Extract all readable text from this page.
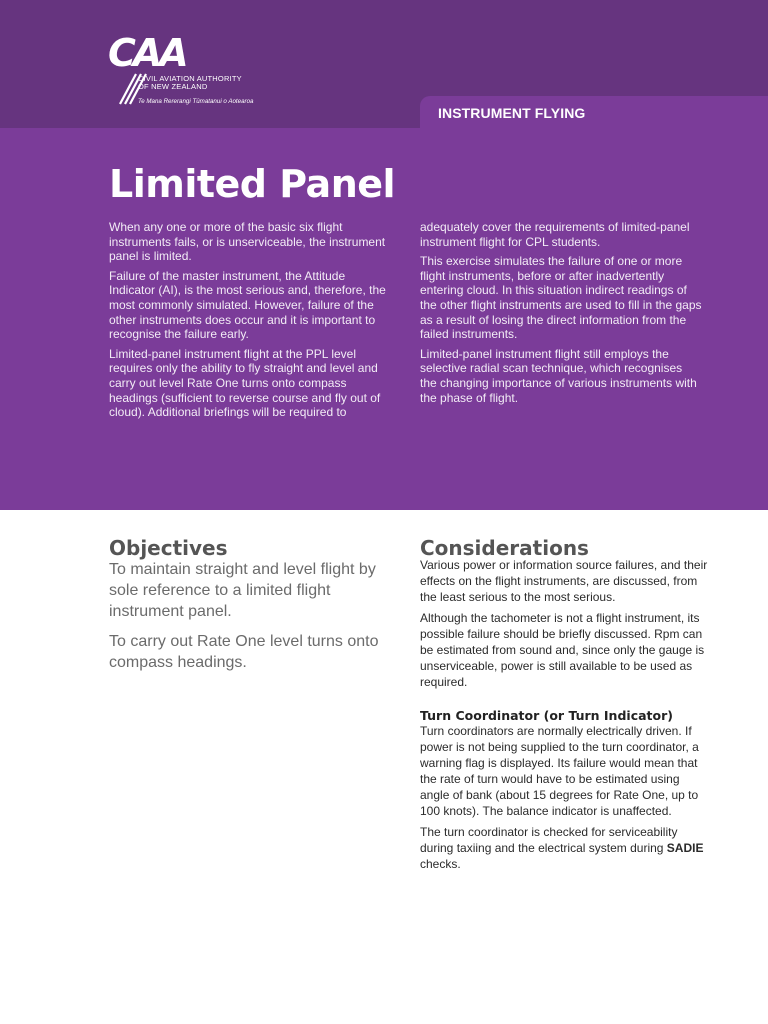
CAA
CIVIL AVIATION AUTHORITY
OF NEW ZEALAND
Te Mana Rererangi Tūmatanui o Aotearoa
INSTRUMENT FLYING
Limited Panel

When any one or more of the basic six flight instruments fails, or is unserviceable, the instrument panel is limited.

Failure of the master instrument, the Attitude Indicator (AI), is the most serious and, therefore, the most commonly simulated. However, failure of the other instruments does occur and it is important to recognise the failure early.

Limited-panel instrument flight at the PPL level requires only the ability to fly straight and level and carry out level Rate One turns onto compass headings (sufficient to reverse course and fly out of cloud). Additional briefings will be required to

adequately cover the requirements of limited-panel instrument flight for CPL students.

This exercise simulates the failure of one or more flight instruments, before or after inadvertently entering cloud. In this situation indirect readings of the other flight instruments are used to fill in the gaps as a result of losing the direct information from the failed instruments.

Limited-panel instrument flight still employs the selective radial scan technique, which recognises the changing importance of various instruments with the phase of flight.

Objectives

To maintain straight and level flight by sole reference to a limited flight instrument panel.

To carry out Rate One level turns onto compass headings.

Considerations

Various power or information source failures, and their effects on the flight instruments, are discussed, from the least serious to the most serious.

Although the tachometer is not a flight instrument, its possible failure should be briefly discussed. Rpm can be estimated from sound and, since only the gauge is unserviceable, power is still available to be used as required.

Turn Coordinator (or Turn Indicator)

Turn coordinators are normally electrically driven. If power is not being supplied to the turn coordinator, a warning flag is displayed. Its failure would mean that the rate of turn would have to be estimated using angle of bank (about 15 degrees for Rate One, up to 100 knots). The balance indicator is unaffected.

The turn coordinator is checked for serviceability during taxiing and the electrical system during SADIE checks.
